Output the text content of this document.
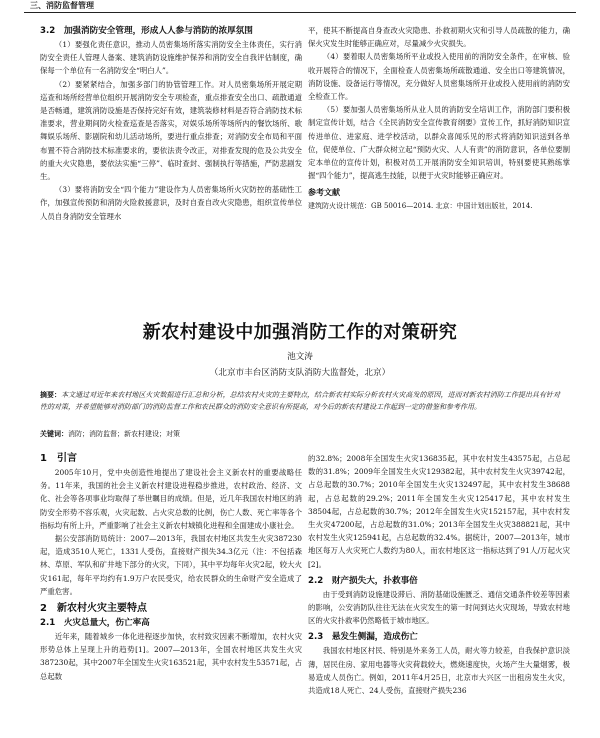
三、消防监督管理
3.2　加强消防安全管理，形成人人参与消防的浓厚氛围

（1）要强化责任意识，推动人员密集场所落实消防安全主体责任，实行消防安全责任人管理人备案、建筑消防设施维护保养和消防安全自我评估制度，确保每一个单位有一名消防安全“明白人”。

（2）要紧紧结合，加强多部门的协管管理工作。对人员密集场所开展定期巡查和场所经营单位组织开展消防安全专项检查，重点排查安全出口、疏散通道是否畅通，建筑消防设施是否保持完好有效，建筑装修材料是否符合消防技术标准要求，营业期间防火检查巡查是否落实，对娱乐场所等场所内的餐饮场所、歌舞娱乐场所、影剧院和幼儿活动场所，要进行重点排查；对消防安全布局和平面布置不符合消防技术标准要求的，要依法责令改正，对排查发现的危及公共安全的重大火灾隐患，要依法实施“三停”、临时查封、强制执行等措施，严防悲剧发生。

（3）要将消防安全“四个能力”建设作为人员密集场所火灾防控的基础性工作，加强宣传预防和消防火险救援意识，及时自查自改火灾隐患，组织宣传单位人员自身消防安全管理水

平，使其不断提高自身查改火灾隐患、扑救初期火灾和引导人员疏散的能力，确保火灾发生时能够正确应对，尽量减少火灾损失。

（4）要着眼人员密集场所平业或投入使用前的消防安全条件，在审核、验收开展符合的情况下，全面检查人员密集场所疏散通道、安全出口等建筑情况，消防设施、设备运行等情况，充分做好人员密集场所开业或投入使用前的消防安全检查工作。

（5）要加强人员密集场所从业人员的消防安全培训工作，消防部门要积极制定宣传计划，结合《全民消防安全宣传教育纲要》宣传工作，抓好消防知识宣传进单位、进家庭、进学校活动，以群众喜闻乐见的形式将消防知识送到各单位，促使单位、广大群众树立起“预防火灾、人人有责”的消防意识，各单位要制定本单位的宣传计划，积极对员工开展消防安全知识培训，特别要使其熟练掌握“四个能力”，提高逃生技能，以便于火灾时能够正确应对。

参考文献
建筑防火设计规范：GB 50016—2014. 北京：中国计划出版社，2014.
新农村建设中加强消防工作的对策研究
池文涛
（北京市丰台区消防支队消防大监督处，北京）
摘要：本文通过对近年来农村地区火灾数据进行汇总和分析，总结农村火灾的主要特点，结合新农村实际分析农村火灾高发的原因，进而对新农村消防工作提出具有针对性的对策，并希望能够对消防部门的消防监督工作和农民群众的消防安全意识有所提高，对今后的新农村建设工作起到一定的借鉴和参考作用。
关键词：消防；消防监督；新农村建设；对策
1　引言

2005年10月，党中央创造性地提出了建设社会主义新农村的重要战略任务。11年来，我国的社会主义新农村建设进程稳步推进，农村政治、经济、文化、社会等各项事业均取得了举世瞩目的成绩。但是，近几年我国农村地区的消防安全形势不容乐观，火灾起数、占火灾总数的比例，伤亡人数、死亡率等各个指标均有所上升，严重影响了社会主义新农村城镇化进程和全面建成小康社会。

据公安部消防局统计：2007—2013年，我国农村地区共发生火灾387230起，造成3510人死亡，1331人受伤，直接财产损失34.3亿元（注：不包括森林、草原、军队和矿井地下部分的火灾，下同），其中平均每年火灾2起，较大火灾161起，每年平均约有1.9万户农民受灾，给农民群众的生命财产安全造成了严重危害。

2　新农村火灾主要特点
2.1　火灾总量大，伤亡率高

近年来，随着城乡一体化进程逐步加快，农村致灾因素不断增加，农村火灾形势总体上呈现上升的趋势[1]。2007—2013年，全国农村地区共发生火灾387230起，其中2007年全国发生火灾163521起，其中农村发生53571起，占总起数

的32.8%；2008年全国发生火灾136835起，其中农村发生43575起，占总起数的31.8%；2009年全国发生火灾129382起，其中农村发生火灾39742起，占总起数的30.7%；2010年全国发生火灾132497起，其中农村发生38688起，占总起数的29.2%；2011年全国发生火灾125417起，其中农村发生38504起，占总起数的30.7%；2012年全国发生火灾152157起，其中农村发生火灾47200起，占总起数的31.0%；2013年全国发生火灾388821起，其中农村发生火灾125941起，占总起数的32.4%。据统计，2007—2013年，城市地区每万人火灾死亡人数约为80人，而农村地区这一指标达到了91人/万起火灾[2]。

2.2　财产损失大，扑救事倍

由于受到消防设施建设滞后、消防基础设施匮乏、通信交通条件较差等因素的影响，公安消防队往往无法在火灾发生的第一时间到达火灾现场，导致农村地区的火灾扑救率仍然略低于城市地区。

2.3　悬发生侧漏，造成伤亡

我国农村地区村民、特别是外来务工人员，耐火等力较差，自我保护意识淡薄，居民住房、家用电器等火灾荷载较大，燃烧速度快，火场产生大量烟雾，极易造成人员伤亡。例如，2011年4月25日，北京市大兴区一出租房发生火灾，共造成18人死亡、24人受伤，直接财产损失236
